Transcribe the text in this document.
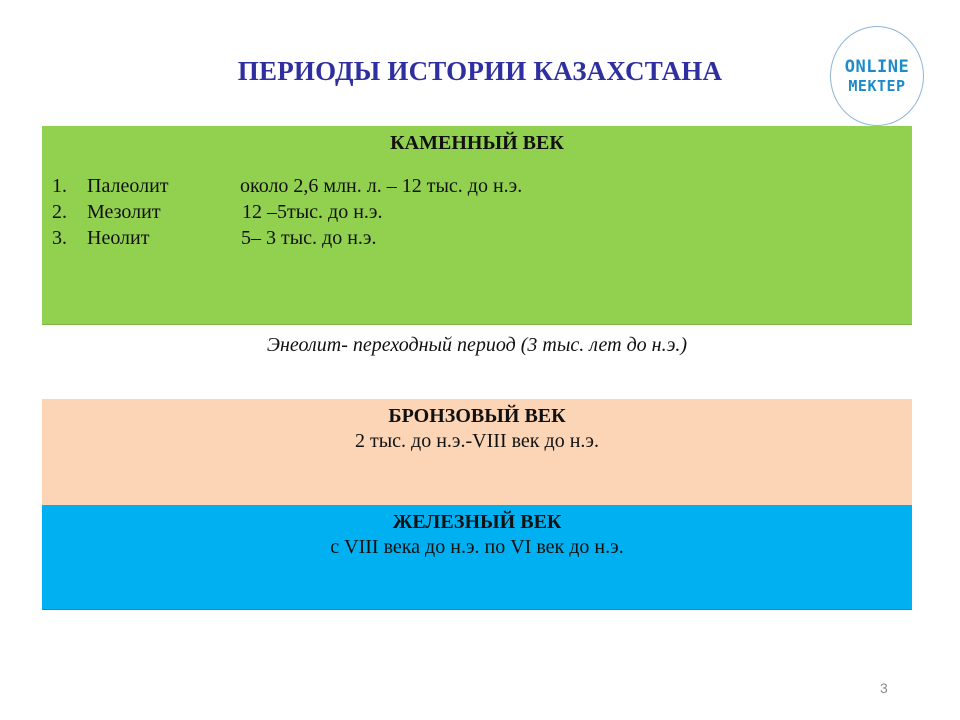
ПЕРИОДЫ ИСТОРИИ КАЗАХСТАНА	ONLINE
MEKTEP
КАМЕННЫЙ ВЕК
1. Палеолит	около 2,6 млн. л. – 12 тыс. до н.э.
2. Мезолит	12 –5тыс. до н.э.
3. Неолит	5– 3 тыс. до н.э.
Энеолит- переходный период (3 тыс. лет до н.э.)
БРОНЗОВЫЙ ВЕК
2 тыс. до н.э.-VIII век до н.э.
ЖЕЛЕЗНЫЙ ВЕК
с VIII века до н.э. по VI век до н.э.
3
